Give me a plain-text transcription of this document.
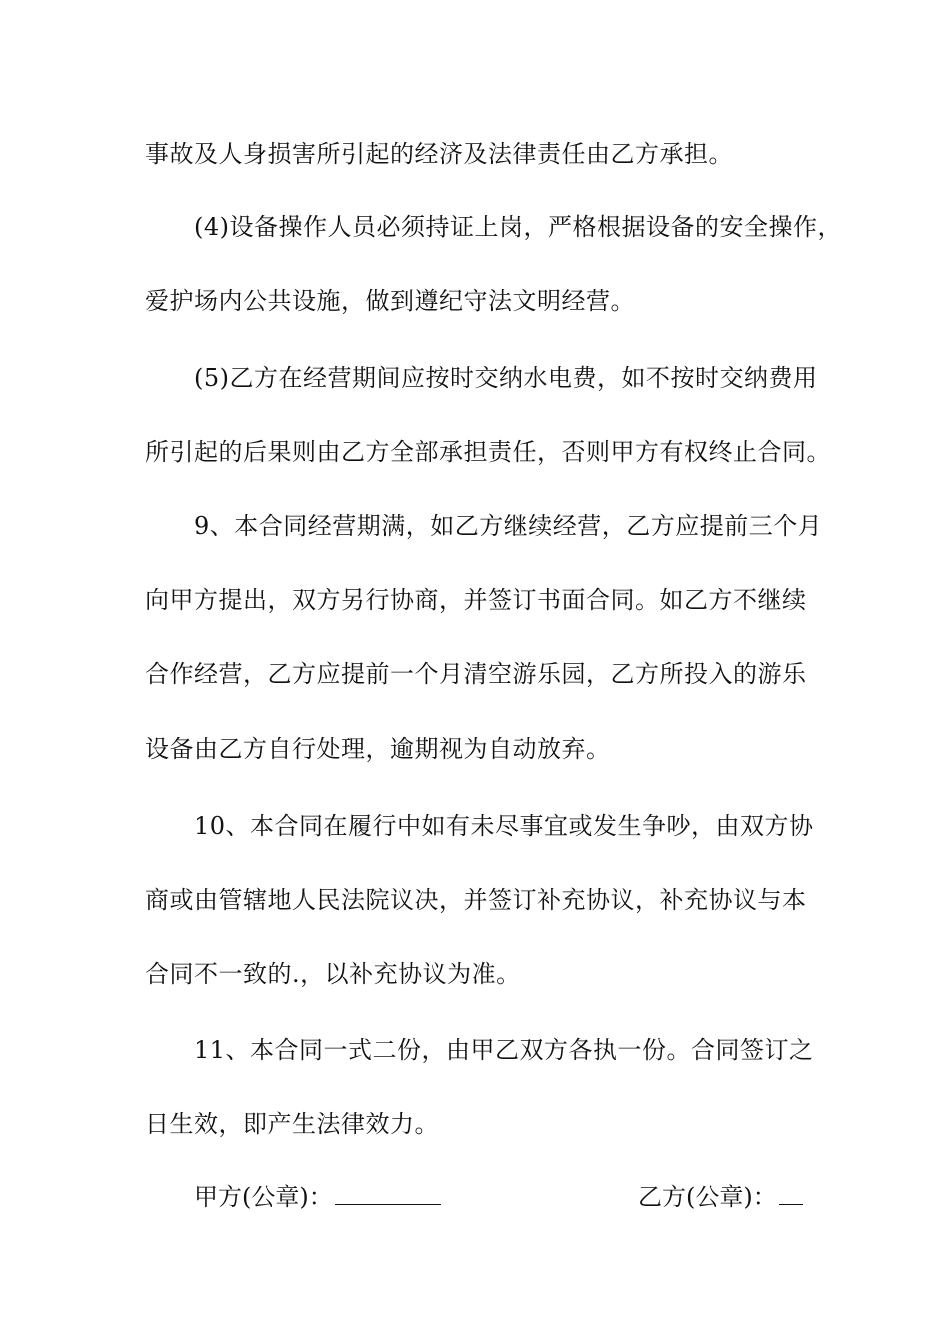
事故及人身损害所引起的经济及法律责任由乙方承担。
(4)设备操作人员必须持证上岗，严格根据设备的安全操作，
爱护场内公共设施，做到遵纪守法文明经营。
(5)乙方在经营期间应按时交纳水电费，如不按时交纳费用
所引起的后果则由乙方全部承担责任，否则甲方有权终止合同。
9、本合同经营期满，如乙方继续经营，乙方应提前三个月
向甲方提出，双方另行协商，并签订书面合同。如乙方不继续
合作经营，乙方应提前一个月清空游乐园，乙方所投入的游乐
设备由乙方自行处理，逾期视为自动放弃。
10、本合同在履行中如有未尽事宜或发生争吵，由双方协
商或由管辖地人民法院议决，并签订补充协议，补充协议与本
合同不一致的.，以补充协议为准。
11、本合同一式二份，由甲乙双方各执一份。合同签订之
日生效，即产生法律效力。
甲方(公章)：	乙方(公章)：
